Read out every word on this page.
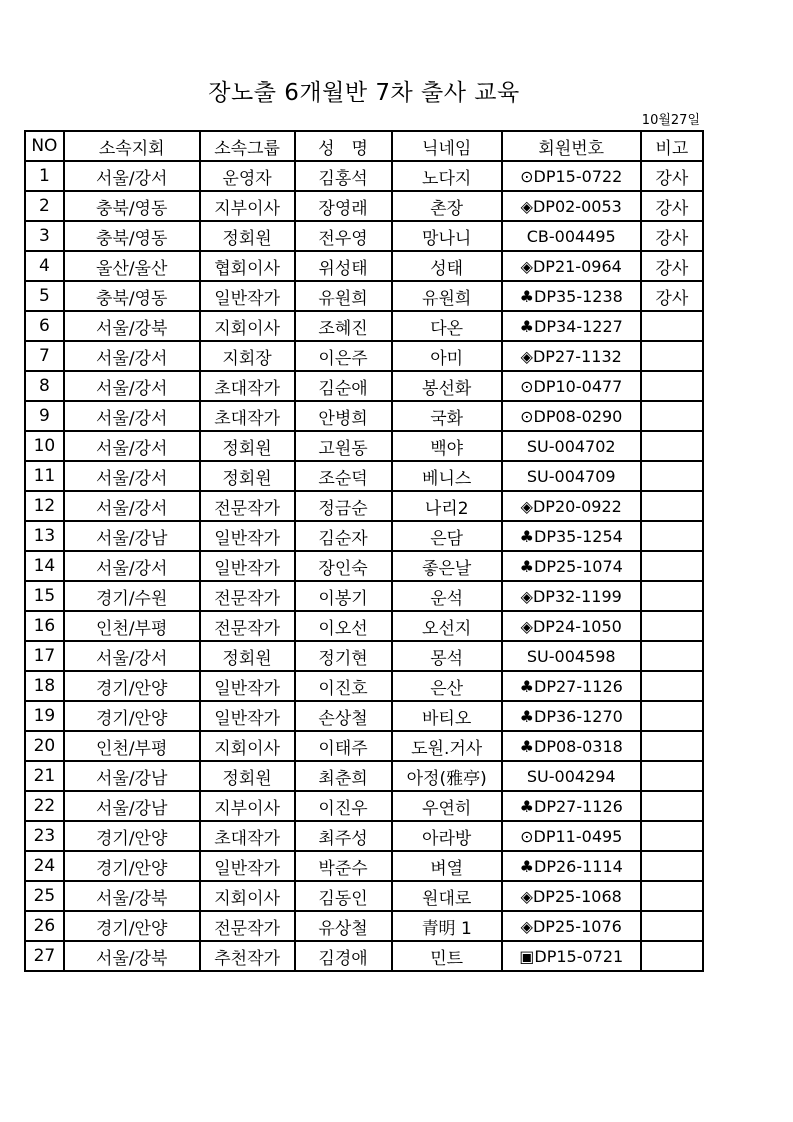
장노출 6개월반 7차 출사 교육
10월27일
NO	소속지회	소속그룹	성　명	닉네임	회원번호	비고
1	서울/강서	운영자	김홍석	노다지	⊙DP15-0722	강사
2	충북/영동	지부이사	장영래	촌장	◈DP02-0053	강사
3	충북/영동	정회원	전우영	망나니	CB-004495	강사
4	울산/울산	협회이사	위성태	성태	◈DP21-0964	강사
5	충북/영동	일반작가	유원희	유원희	♣DP35-1238	강사
6	서울/강북	지회이사	조혜진	다온	♣DP34-1227	
7	서울/강서	지회장	이은주	아미	◈DP27-1132	
8	서울/강서	초대작가	김순애	봉선화	⊙DP10-0477	
9	서울/강서	초대작가	안병희	국화	⊙DP08-0290	
10	서울/강서	정회원	고원동	백야	SU-004702	
11	서울/강서	정회원	조순덕	베니스	SU-004709	
12	서울/강서	전문작가	정금순	나리2	◈DP20-0922	
13	서울/강남	일반작가	김순자	은담	♣DP35-1254	
14	서울/강서	일반작가	장인숙	좋은날	♣DP25-1074	
15	경기/수원	전문작가	이봉기	운석	◈DP32-1199	
16	인천/부평	전문작가	이오선	오선지	◈DP24-1050	
17	서울/강서	정회원	정기현	몽석	SU-004598	
18	경기/안양	일반작가	이진호	은산	♣DP27-1126	
19	경기/안양	일반작가	손상철	바티오	♣DP36-1270	
20	인천/부평	지회이사	이태주	도원.거사	♣DP08-0318	
21	서울/강남	정회원	최춘희	아정(雅亭)	SU-004294	
22	서울/강남	지부이사	이진우	우연히	♣DP27-1126	
23	경기/안양	초대작가	최주성	아라방	⊙DP11-0495	
24	경기/안양	일반작가	박준수	벼열	♣DP26-1114	
25	서울/강북	지회이사	김동인	원대로	◈DP25-1068	
26	경기/안양	전문작가	유상철	青明 1	◈DP25-1076	
27	서울/강북	추천작가	김경애	민트	▣DP15-0721	
